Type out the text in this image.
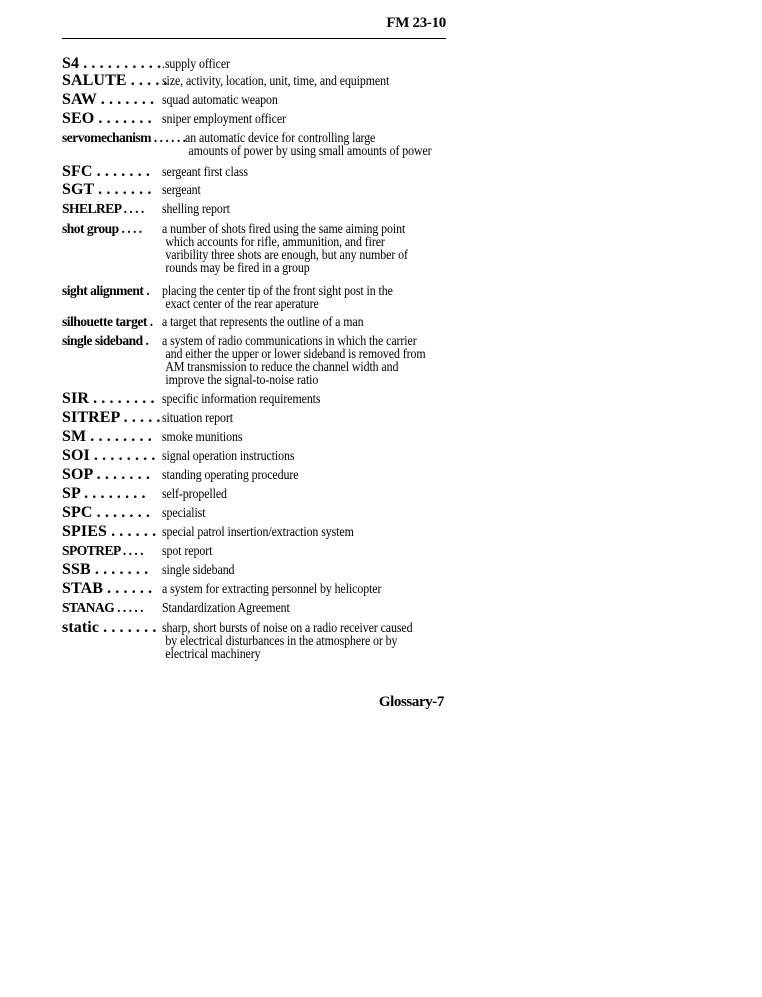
FM 23-10
S4 . . . . . . . . . . .supply officer
SALUTE . . . . .
size, activity, location, unit, time, and equipment
SAW . . . . . . . squad automatic weapon
SEO . . . . . . . sniper employment officer
servomechanism . . . . . . an automatic device for controlling large
amounts of power by using small amounts of power
SFC . . . . . . . sergeant first class
SGT . . . . . . . sergeant
SHELREP . . . . shelling report
shot group . . . . a number of shots fired using the same aiming point
which accounts for rifle, ammunition, and firer
varibility three shots are enough, but any number of
rounds may be fired in a group
sight alignment . placing the center tip of the front sight post in the
exact center of the rear aperature
silhouette target . a target that represents the outline of a man
single sideband . a system of radio communications in which the carrier
and either the upper or lower sideband is removed from
AM transmission to reduce the channel width and
improve the signal-to-noise ratio
SIR . . . . . . . . specific information requirements
SITREP . . . . . situation report
SM . . . . . . . . smoke munitions
SOI . . . . . . . . signal operation instructions
SOP . . . . . . . standing operating procedure
SP . . . . . . . . self-propelled
SPC . . . . . . . specialist
SPIES . . . . . . special patrol insertion/extraction system
SPOTREP . . . . spot report
SSB . . . . . . . single sideband
STAB . . . . . . a system for extracting personnel by helicopter
STANAG . . . . . Standardization Agreement
static . . . . . . . sharp, short bursts of noise on a radio receiver caused
by electrical disturbances in the atmosphere or by
electrical machinery
Glossary-7
